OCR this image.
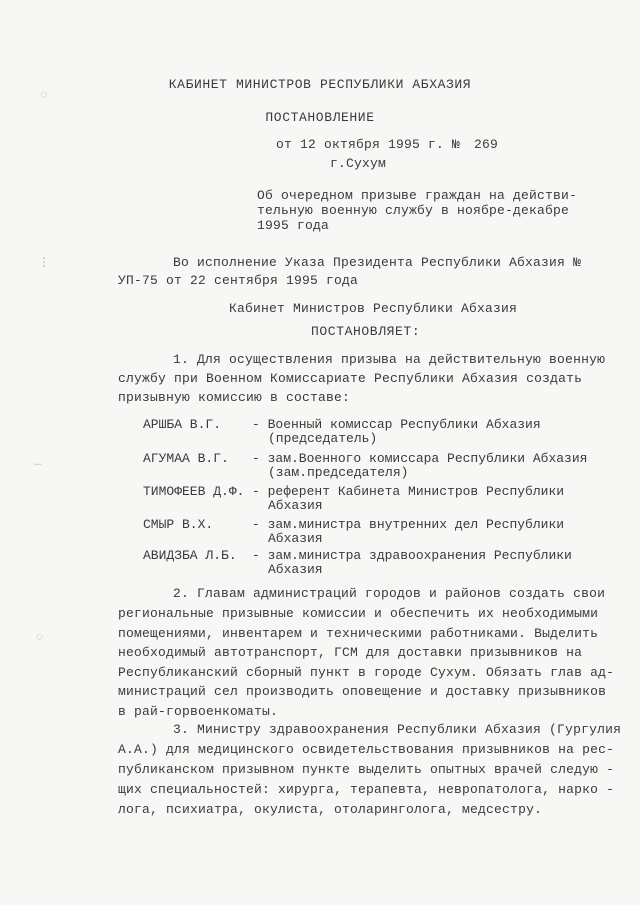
◌
⋮
…
◌
КАБИНЕТ МИНИСТРОВ РЕСПУБЛИКИ АБХАЗИЯ
ПОСТАНОВЛЕНИЕ
от 12 октября 1995 г. № 269
г.Сухум
Об очередном призыве граждан на действи-
тельную военную службу в ноябре-декабре
1995 года
Во исполнение Указа Президента Республики Абхазия №
УП-75 от 22 сентября 1995 года
Кабинет Министров Республики Абхазия
ПОСТАНОВЛЯЕТ:
1. Для осуществления призыва на действительную военную
службу при Военном Комиссариате Республики Абхазия создать
призывную комиссию в составе:
АРШБА В.Г. - Военный комиссар Республики Абхазия
(председатель)
АГУМАА В.Г. - зам.Военного комиссара Республики Абхазия
(зам.председателя)
ТИМОФЕЕВ Д.Ф. - референт Кабинета Министров Республики
Абхазия
СМЫР В.Х.	- зам.министра внутренних дел Республики
Абхазия
АВИДЗБА Л.Б. - зам.министра здравоохранения Республики
Абхазия
2. Главам администраций городов и районов создать свои
региональные призывные комиссии и обеспечить их необходимыми
помещениями, инвентарем и техническими работниками. Выделить
необходимый автотранспорт, ГСМ для доставки призывников на
Республиканский сборный пункт в городе Сухум. Обязать глав ад-
министраций сел производить оповещение и доставку призывников
в рай-горвоенкоматы.
3. Министру здравоохранения Республики Абхазия (Гургулия
А.А.) для медицинского освидетельствования призывников на рес-
публиканском призывном пункте выделить опытных врачей следую -
щих специальностей: хирурга, терапевта, невропатолога, нарко -
лога, психиатра, окулиста, отоларинголога, медсестру.
